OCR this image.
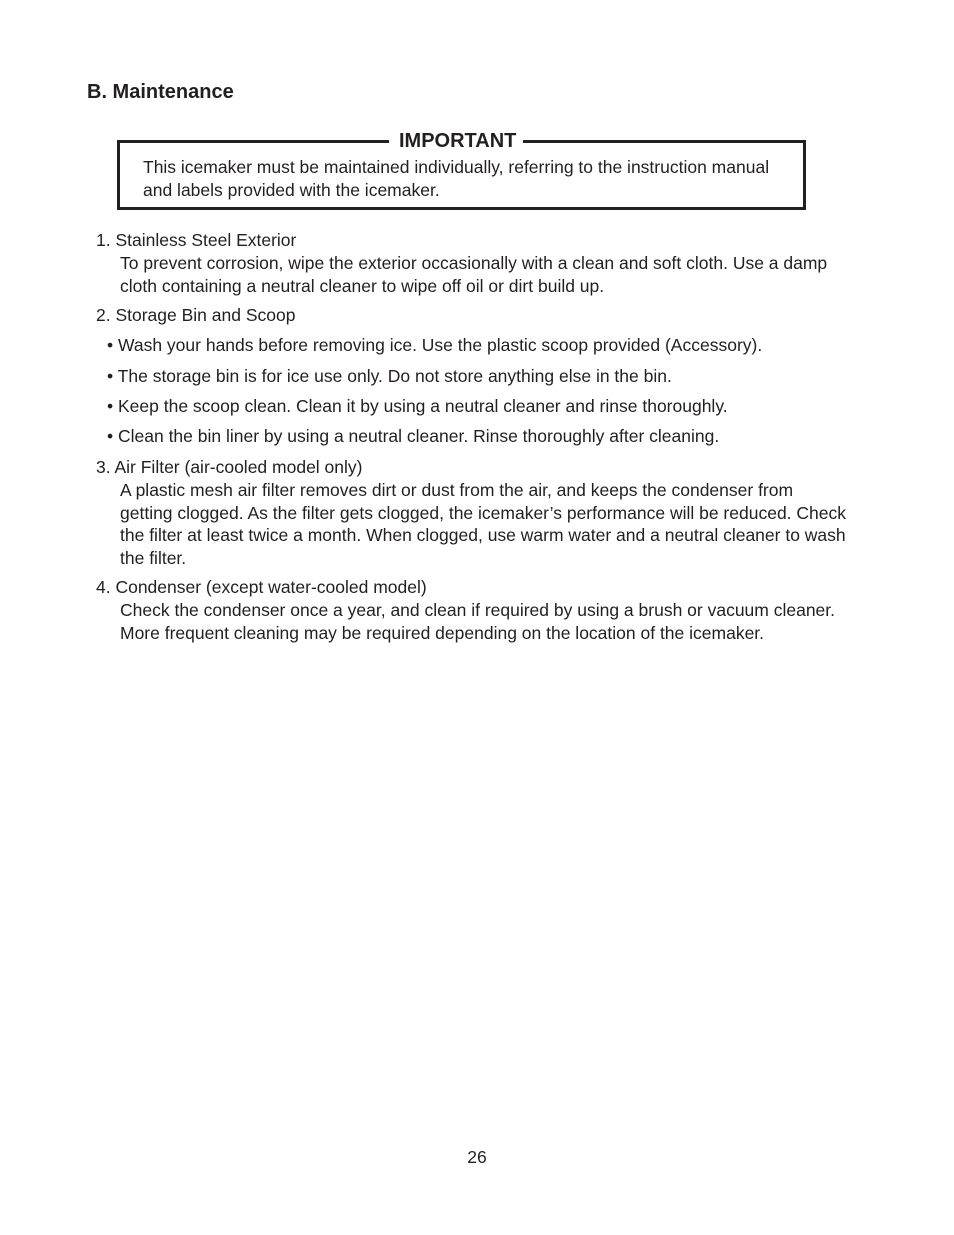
B. Maintenance
IMPORTANT

This icemaker must be maintained individually, referring to the instruction manual and labels provided with the icemaker.

1. Stainless Steel Exterior

To prevent corrosion, wipe the exterior occasionally with a clean and soft cloth. Use a damp cloth containing a neutral cleaner to wipe off oil or dirt build up.

2. Storage Bin and Scoop
• Wash your hands before removing ice. Use the plastic scoop provided (Accessory).
• The storage bin is for ice use only. Do not store anything else in the bin.
• Keep the scoop clean. Clean it by using a neutral cleaner and rinse thoroughly.
• Clean the bin liner by using a neutral cleaner. Rinse thoroughly after cleaning.
3. Air Filter (air-cooled model only)

A plastic mesh air filter removes dirt or dust from the air, and keeps the condenser from getting clogged. As the filter gets clogged, the icemaker’s performance will be reduced. Check the filter at least twice a month. When clogged, use warm water and a neutral cleaner to wash the filter.

4. Condenser (except water-cooled model)

Check the condenser once a year, and clean if required by using a brush or vacuum cleaner. More frequent cleaning may be required depending on the location of the icemaker.

26
